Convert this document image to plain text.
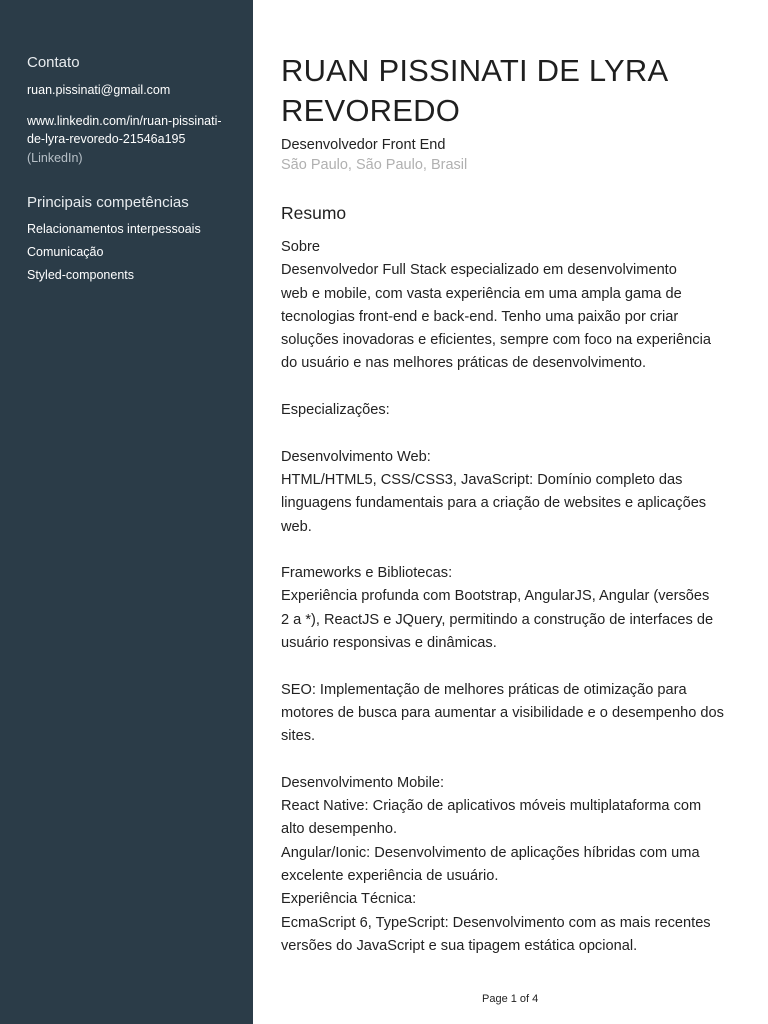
Contato
ruan.pissinati@gmail.com
www.linkedin.com/in/ruan-pissinati-
de-lyra-revoredo-21546a195
(LinkedIn)
Principais competências
Relacionamentos interpessoais
Comunicação
Styled-components
RUAN PISSINATI DE LYRA
REVOREDO
Desenvolvedor Front End
São Paulo, São Paulo, Brasil
Resumo
Sobre
Desenvolvedor Full Stack especializado em desenvolvimento
web e mobile, com vasta experiência em uma ampla gama de
tecnologias front-end e back-end. Tenho uma paixão por criar
soluções inovadoras e eficientes, sempre com foco na experiência
do usuário e nas melhores práticas de desenvolvimento.
Especializações:
Desenvolvimento Web:
HTML/HTML5, CSS/CSS3, JavaScript: Domínio completo das
linguagens fundamentais para a criação de websites e aplicações
web.
Frameworks e Bibliotecas:
Experiência profunda com Bootstrap, AngularJS, Angular (versões
2 a *), ReactJS e JQuery, permitindo a construção de interfaces de
usuário responsivas e dinâmicas.
SEO: Implementação de melhores práticas de otimização para
motores de busca para aumentar a visibilidade e o desempenho dos
sites.
Desenvolvimento Mobile:
React Native: Criação de aplicativos móveis multiplataforma com
alto desempenho.
Angular/Ionic: Desenvolvimento de aplicações híbridas com uma
excelente experiência de usuário.
Experiência Técnica:
EcmaScript 6, TypeScript: Desenvolvimento com as mais recentes
versões do JavaScript e sua tipagem estática opcional.
Page 1 of 4
